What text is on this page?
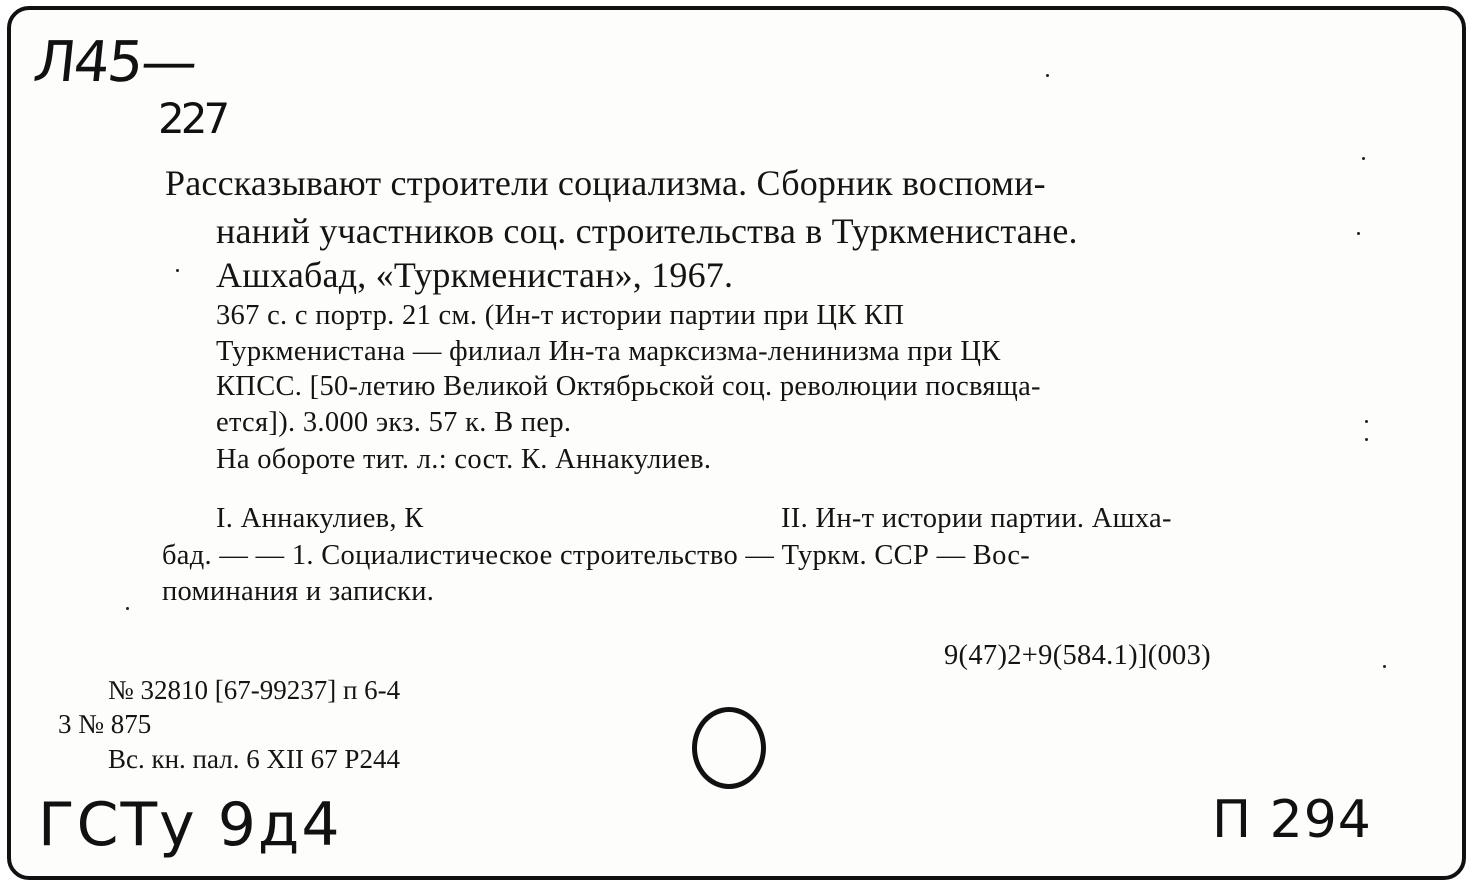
Л45—
227
Рассказывают строители социализма. Сборник воспоми-
наний участников соц. строительства в Туркменистане.
Ашхабад, «Туркменистан», 1967.
367 с. с портр. 21 см. (Ин-т истории партии при ЦК КП
Туркменистана — филиал Ин-та марксизма-ленинизма при ЦК
КПСС. [50-летию Великой Октябрьской соц. революции посвяща-
ется]). 3.000 экз. 57 к. В пер.
На обороте тит. л.: сост. К. Аннакулиев.
I. Аннакулиев, К	II. Ин-т истории партии. Ашха-
бад. — — 1. Социалистическое строительство — Туркм. ССР — Вос-
поминания и записки.
9(47)2+9(584.1)](003)
№ 32810 [67-99237] п 6-4
3 № 875
Вс. кн. пал. 6 XII 67 Р244
ГСТу 9д4	П 294
